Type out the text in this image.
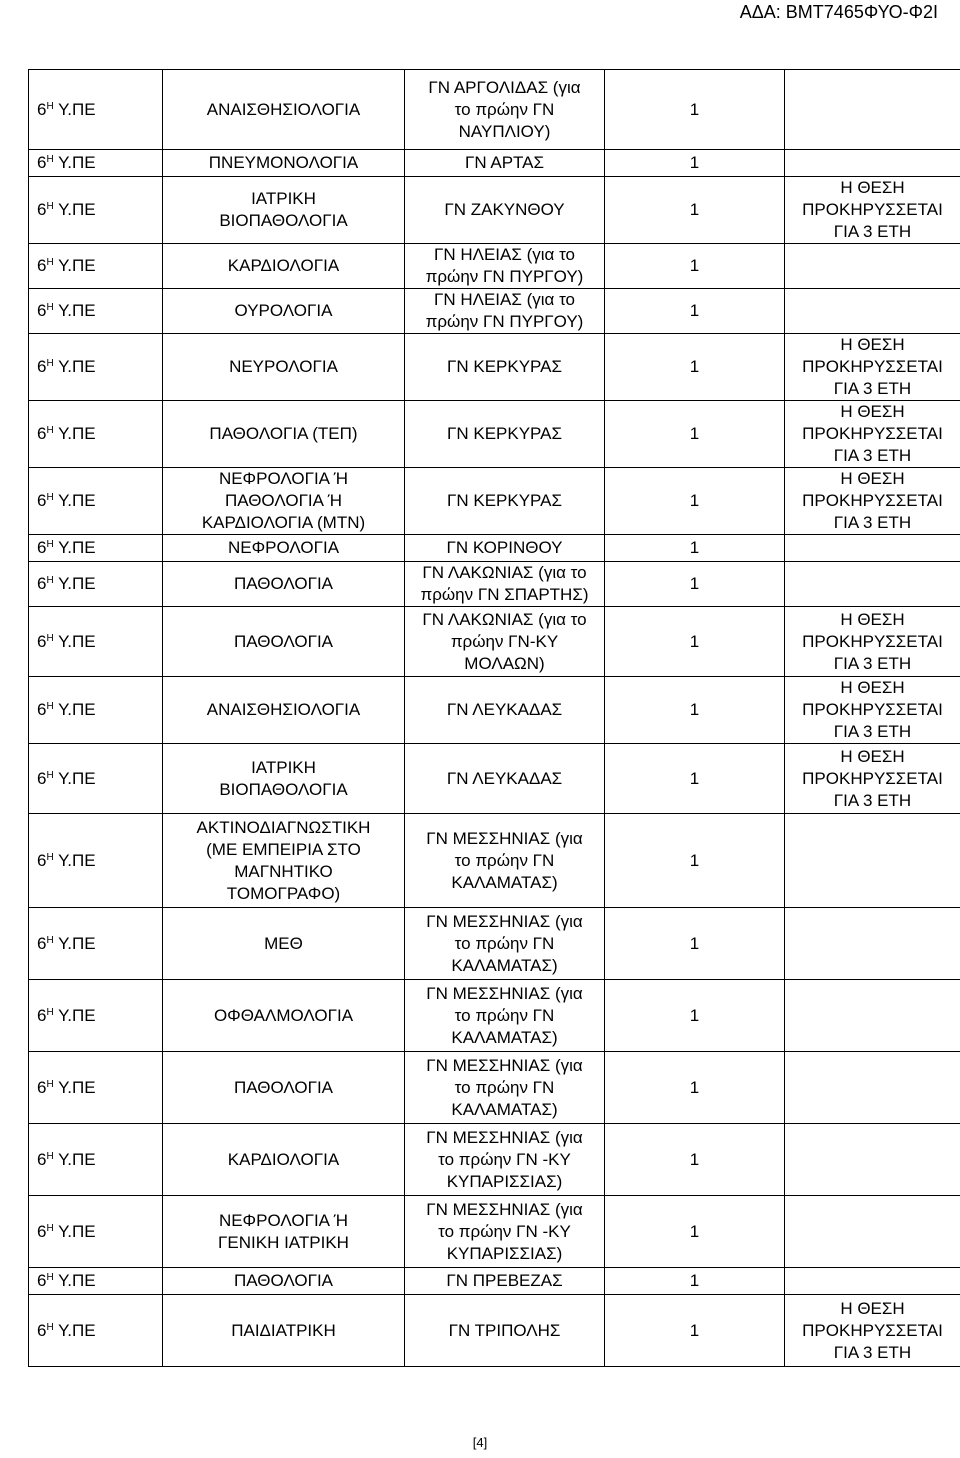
ΑΔΑ: ΒΜΤ7465ΦΥΟ-Φ2Ι
$6^H$ Υ.ΠΕ	ΑΝΑΙΣΘΗΣΙΟΛΟΓΙΑ	ΓΝ ΑΡΓΟΛΙΔΑΣ (για
το πρώην ΓΝ
ΝΑΥΠΛΙΟΥ)	1	
$6^H$ Υ.ΠΕ	ΠΝΕΥΜΟΝΟΛΟΓΙΑ	ΓΝ ΑΡΤΑΣ	1	
$6^H$ Υ.ΠΕ	ΙΑΤΡΙΚΗ
ΒΙΟΠΑΘΟΛΟΓΙΑ	ΓΝ ΖΑΚΥΝΘΟΥ	1	Η ΘΕΣΗ
ΠΡΟΚΗΡΥΣΣΕΤΑΙ
ΓΙΑ 3 ΕΤΗ
$6^H$ Υ.ΠΕ	ΚΑΡΔΙΟΛΟΓΙΑ	ΓΝ ΗΛΕΙΑΣ (για το
πρώην ΓΝ ΠΥΡΓΟΥ)	1	
$6^H$ Υ.ΠΕ	ΟΥΡΟΛΟΓΙΑ	ΓΝ ΗΛΕΙΑΣ (για το
πρώην ΓΝ ΠΥΡΓΟΥ)	1	
$6^H$ Υ.ΠΕ	ΝΕΥΡΟΛΟΓΙΑ	ΓΝ ΚΕΡΚΥΡΑΣ	1	Η ΘΕΣΗ
ΠΡΟΚΗΡΥΣΣΕΤΑΙ
ΓΙΑ 3 ΕΤΗ
$6^H$ Υ.ΠΕ	ΠΑΘΟΛΟΓΙΑ (ΤΕΠ)	ΓΝ ΚΕΡΚΥΡΑΣ	1	Η ΘΕΣΗ
ΠΡΟΚΗΡΥΣΣΕΤΑΙ
ΓΙΑ 3 ΕΤΗ
$6^H$ Υ.ΠΕ	ΝΕΦΡΟΛΟΓΙΑ Ή
ΠΑΘΟΛΟΓΙΑ Ή
ΚΑΡΔΙΟΛΟΓΙΑ (ΜΤΝ)	ΓΝ ΚΕΡΚΥΡΑΣ	1	Η ΘΕΣΗ
ΠΡΟΚΗΡΥΣΣΕΤΑΙ
ΓΙΑ 3 ΕΤΗ
$6^H$ Υ.ΠΕ	ΝΕΦΡΟΛΟΓΙΑ	ΓΝ ΚΟΡΙΝΘΟΥ	1	
$6^H$ Υ.ΠΕ	ΠΑΘΟΛΟΓΙΑ	ΓΝ ΛΑΚΩΝΙΑΣ (για το
πρώην ΓΝ ΣΠΑΡΤΗΣ)	1	
$6^H$ Υ.ΠΕ	ΠΑΘΟΛΟΓΙΑ	ΓΝ ΛΑΚΩΝΙΑΣ (για το
πρώην ΓΝ-ΚΥ
ΜΟΛΑΩΝ)	1	Η ΘΕΣΗ
ΠΡΟΚΗΡΥΣΣΕΤΑΙ
ΓΙΑ 3 ΕΤΗ
$6^H$ Υ.ΠΕ	ΑΝΑΙΣΘΗΣΙΟΛΟΓΙΑ	ΓΝ ΛΕΥΚΑΔΑΣ	1	Η ΘΕΣΗ
ΠΡΟΚΗΡΥΣΣΕΤΑΙ
ΓΙΑ 3 ΕΤΗ
$6^H$ Υ.ΠΕ	ΙΑΤΡΙΚΗ
ΒΙΟΠΑΘΟΛΟΓΙΑ	ΓΝ ΛΕΥΚΑΔΑΣ	1	Η ΘΕΣΗ
ΠΡΟΚΗΡΥΣΣΕΤΑΙ
ΓΙΑ 3 ΕΤΗ
$6^H$ Υ.ΠΕ	ΑΚΤΙΝΟΔΙΑΓΝΩΣΤΙΚΗ
(ΜΕ ΕΜΠΕΙΡΙΑ ΣΤΟ
ΜΑΓΝΗΤΙΚΟ
ΤΟΜΟΓΡΑΦΟ)	ΓΝ ΜΕΣΣΗΝΙΑΣ (για
το πρώην ΓΝ
ΚΑΛΑΜΑΤΑΣ)	1	
$6^H$ Υ.ΠΕ	ΜΕΘ	ΓΝ ΜΕΣΣΗΝΙΑΣ (για
το πρώην ΓΝ
ΚΑΛΑΜΑΤΑΣ)	1	
$6^H$ Υ.ΠΕ	ΟΦΘΑΛΜΟΛΟΓΙΑ	ΓΝ ΜΕΣΣΗΝΙΑΣ (για
το πρώην ΓΝ
ΚΑΛΑΜΑΤΑΣ)	1	
$6^H$ Υ.ΠΕ	ΠΑΘΟΛΟΓΙΑ	ΓΝ ΜΕΣΣΗΝΙΑΣ (για
το πρώην ΓΝ
ΚΑΛΑΜΑΤΑΣ)	1	
$6^H$ Υ.ΠΕ	ΚΑΡΔΙΟΛΟΓΙΑ	ΓΝ ΜΕΣΣΗΝΙΑΣ (για
το πρώην ΓΝ -ΚΥ
ΚΥΠΑΡΙΣΣΙΑΣ)	1	
$6^H$ Υ.ΠΕ	ΝΕΦΡΟΛΟΓΙΑ Ή
ΓΕΝΙΚΗ ΙΑΤΡΙΚΗ	ΓΝ ΜΕΣΣΗΝΙΑΣ (για
το πρώην ΓΝ -ΚΥ
ΚΥΠΑΡΙΣΣΙΑΣ)	1	
$6^H$ Υ.ΠΕ	ΠΑΘΟΛΟΓΙΑ	ΓΝ ΠΡΕΒΕΖΑΣ	1	
$6^H$ Υ.ΠΕ	ΠΑΙΔΙΑΤΡΙΚΗ	ΓΝ ΤΡΙΠΟΛΗΣ	1	Η ΘΕΣΗ
ΠΡΟΚΗΡΥΣΣΕΤΑΙ
ΓΙΑ 3 ΕΤΗ
[4]
